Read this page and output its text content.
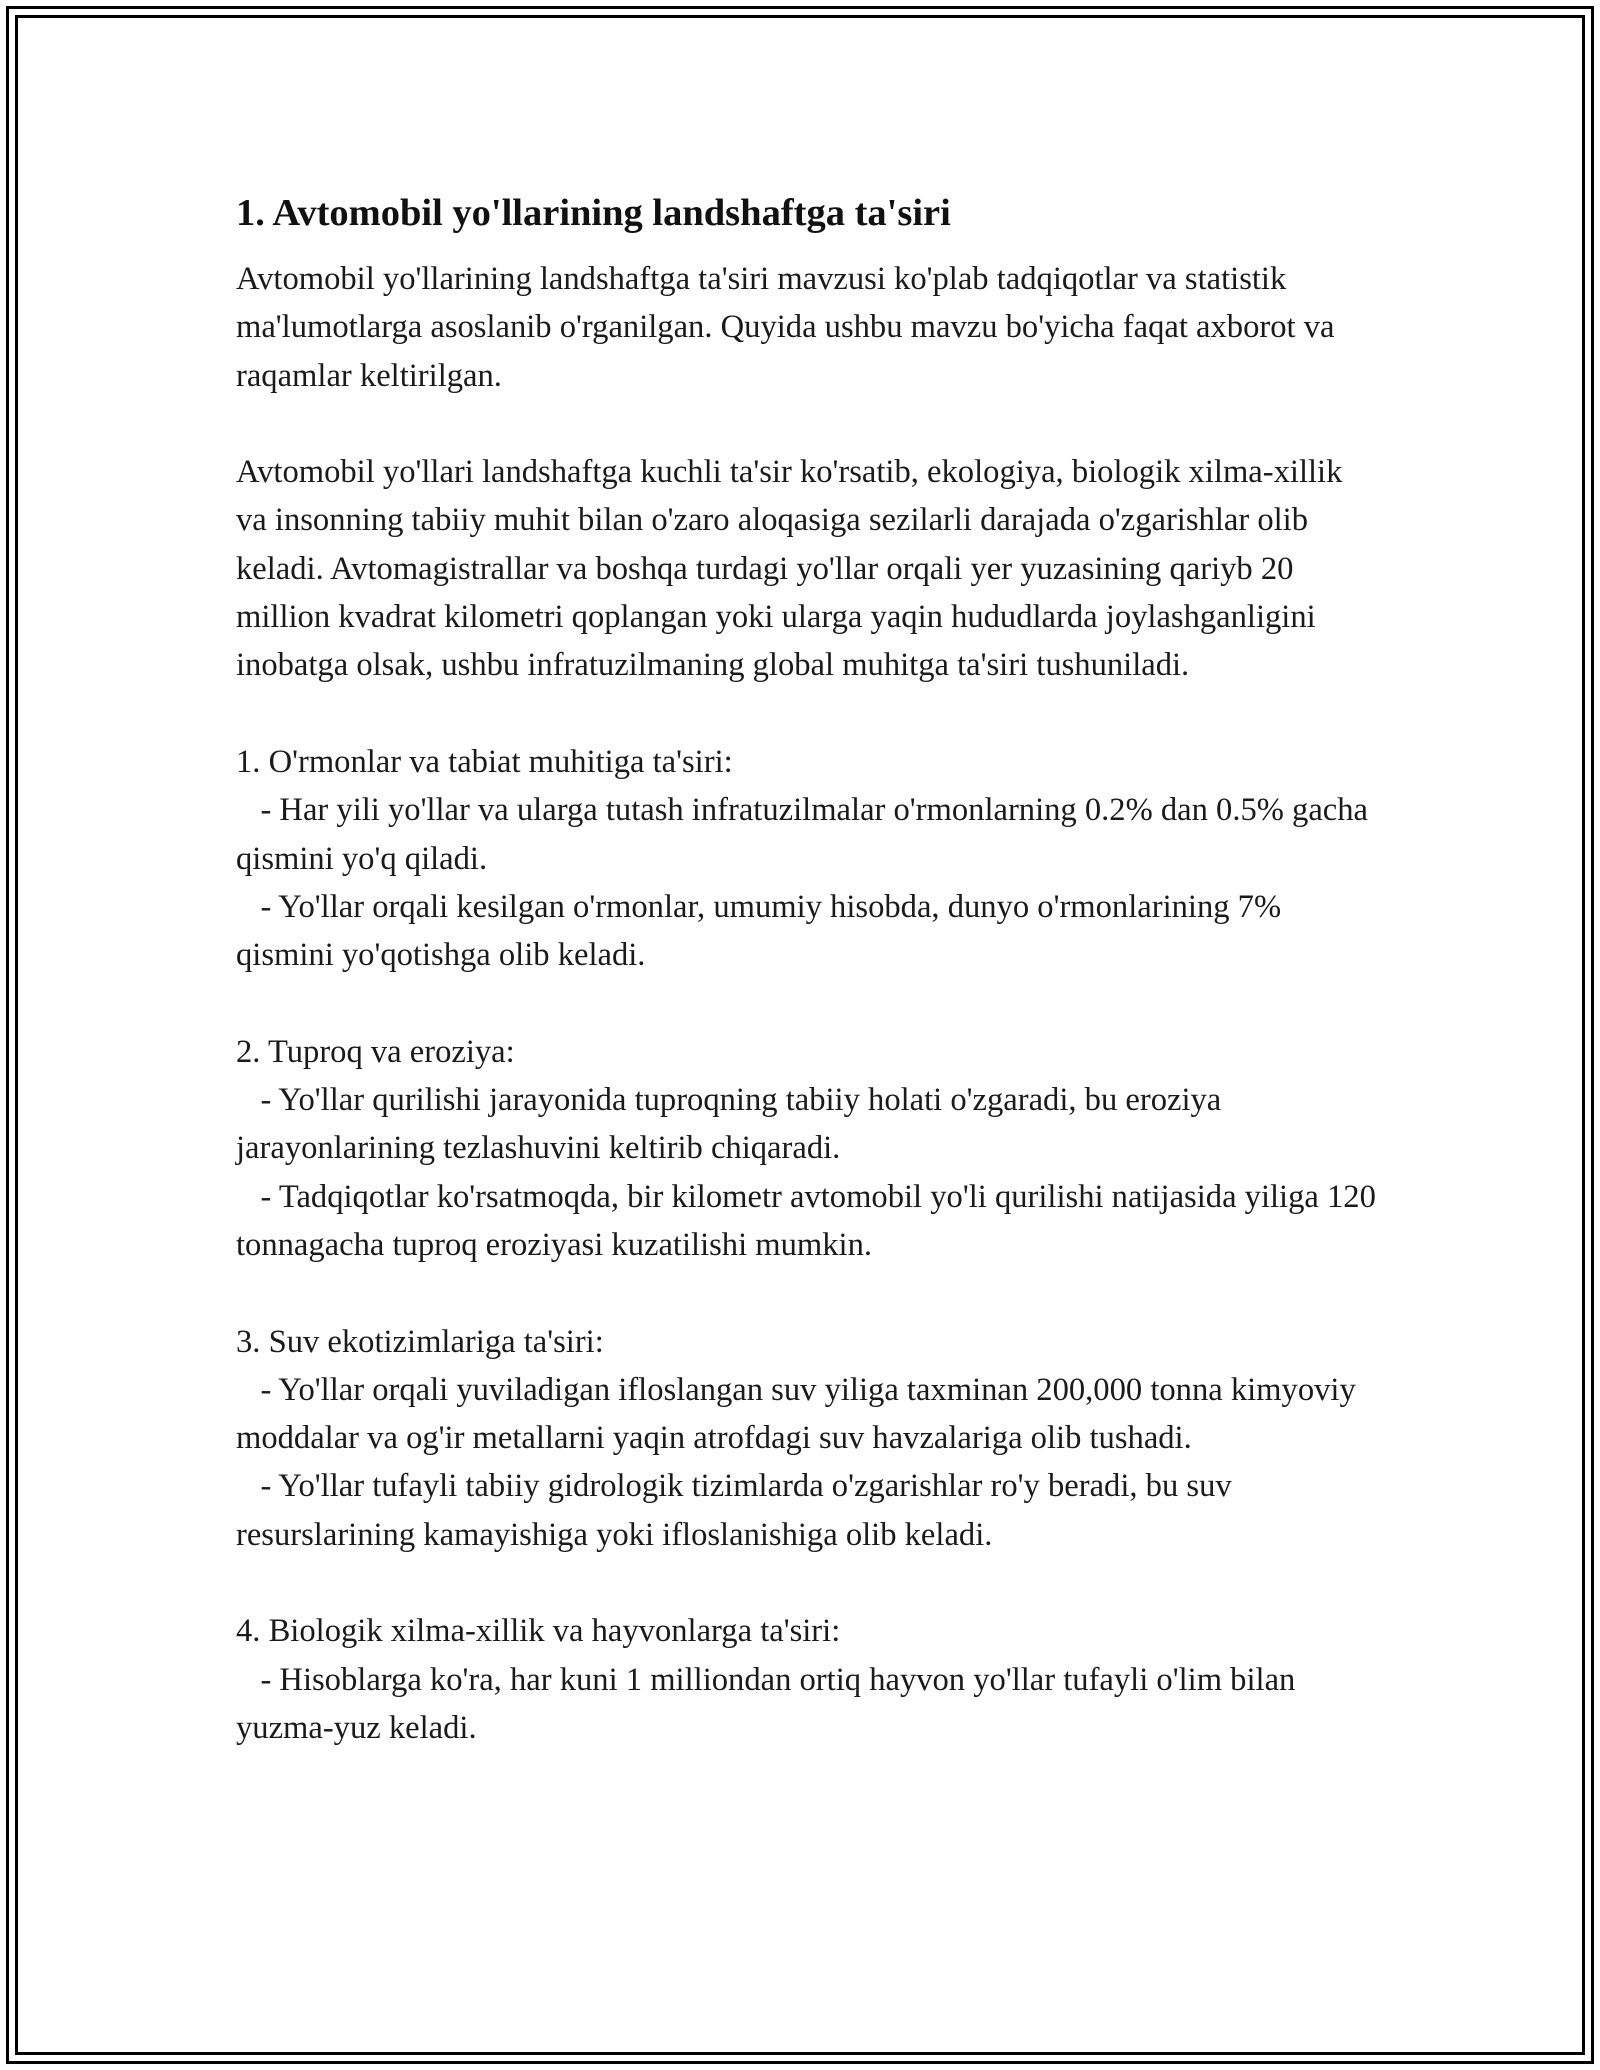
1. Avtomobil yo'llarining landshaftga ta'siri

Avtomobil yo'llarining landshaftga ta'siri mavzusi ko'plab tadqiqotlar va statistik ma'lumotlarga asoslanib o'rganilgan. Quyida ushbu mavzu bo'yicha faqat axborot va raqamlar keltirilgan.

Avtomobil yo'llari landshaftga kuchli ta'sir ko'rsatib, ekologiya, biologik xilma-xillik va insonning tabiiy muhit bilan o'zaro aloqasiga sezilarli darajada o'zgarishlar olib keladi. Avtomagistrallar va boshqa turdagi yo'llar orqali yer yuzasining qariyb 20 million kvadrat kilometri qoplangan yoki ularga yaqin hududlarda joylashganligini inobatga olsak, ushbu infratuzilmaning global muhitga ta'siri tushuniladi.

1. O'rmonlar va tabiat muhitiga ta'siri:

- Har yili yo'llar va ularga tutash infratuzilmalar o'rmonlarning 0.2% dan 0.5% gacha qismini yo'q qiladi.

- Yo'llar orqali kesilgan o'rmonlar, umumiy hisobda, dunyo o'rmonlarining 7% qismini yo'qotishga olib keladi.

2. Tuproq va eroziya:

- Yo'llar qurilishi jarayonida tuproqning tabiiy holati o'zgaradi, bu eroziya jarayonlarining tezlashuvini keltirib chiqaradi.

- Tadqiqotlar ko'rsatmoqda, bir kilometr avtomobil yo'li qurilishi natijasida yiliga 120 tonnagacha tuproq eroziyasi kuzatilishi mumkin.

3. Suv ekotizimlariga ta'siri:

- Yo'llar orqali yuviladigan ifloslangan suv yiliga taxminan 200,000 tonna kimyoviy moddalar va og'ir metallarni yaqin atrofdagi suv havzalariga olib tushadi.

- Yo'llar tufayli tabiiy gidrologik tizimlarda o'zgarishlar ro'y beradi, bu suv resurslarining kamayishiga yoki ifloslanishiga olib keladi.

4. Biologik xilma-xillik va hayvonlarga ta'siri:

- Hisoblarga ko'ra, har kuni 1 milliondan ortiq hayvon yo'llar tufayli o'lim bilan yuzma-yuz keladi.
